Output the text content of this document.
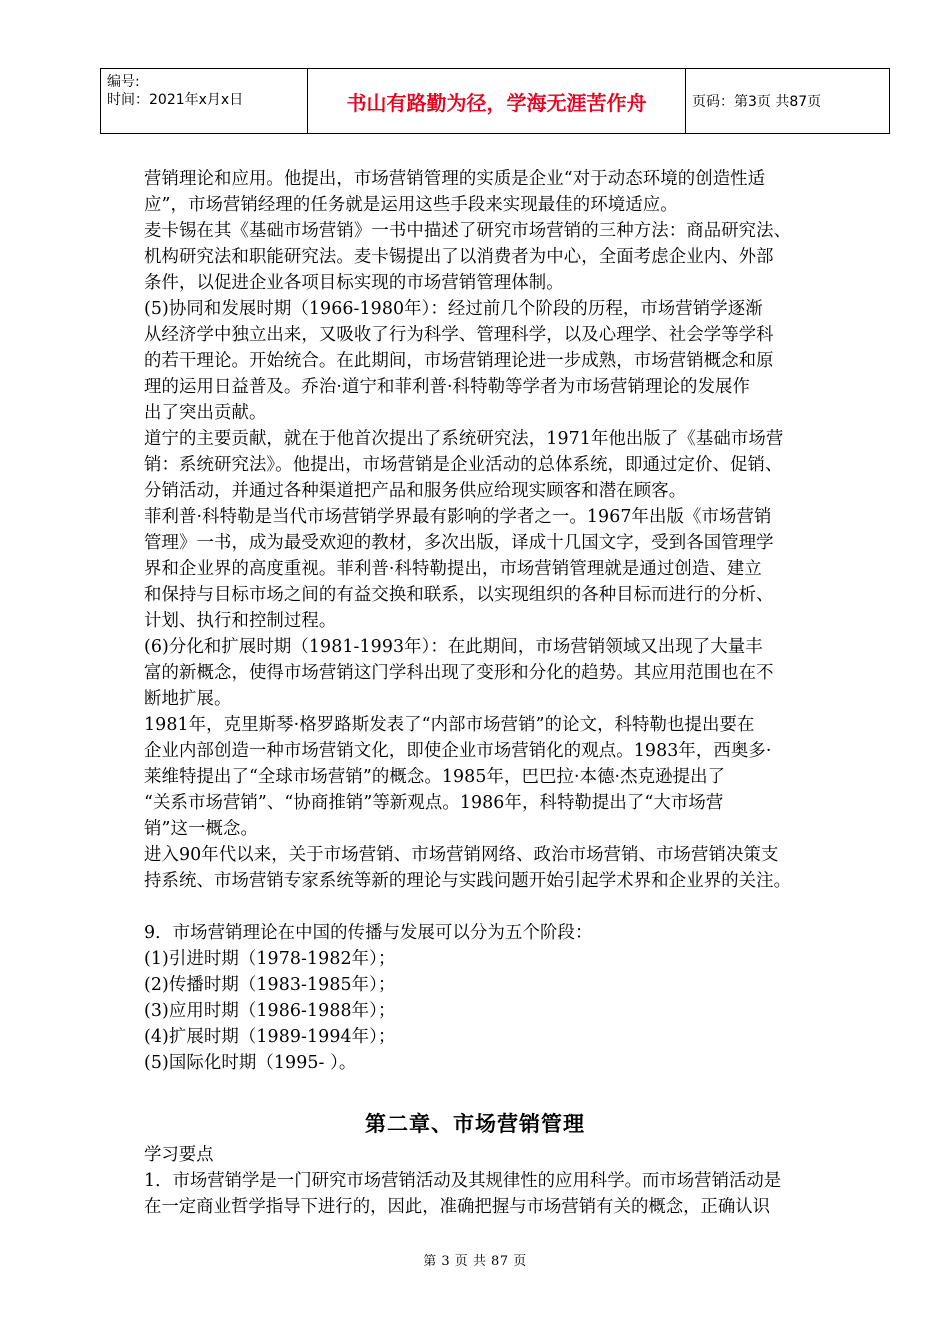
编号:
时间：2021年x月x日	书山有路勤为径，学海无涯苦作舟	页码：第3页 共87页

营销理论和应用。他提出，市场营销管理的实质是企业“对于动态环境的创造性适

应”，市场营销经理的任务就是运用这些手段来实现最佳的环境适应。

麦卡锡在其《基础市场营销》一书中描述了研究市场营销的三种方法：商品研究法、

机构研究法和职能研究法。麦卡锡提出了以消费者为中心，全面考虑企业内、外部

条件，以促进企业各项目标实现的市场营销管理体制。

(5)协同和发展时期（1966-1980年）：经过前几个阶段的历程，市场营销学逐渐

从经济学中独立出来，又吸收了行为科学、管理科学，以及心理学、社会学等学科

的若干理论。开始统合。在此期间，市场营销理论进一步成熟，市场营销概念和原

理的运用日益普及。乔治·道宁和菲利普·科特勒等学者为市场营销理论的发展作

出了突出贡献。

道宁的主要贡献，就在于他首次提出了系统研究法，1971年他出版了《基础市场营

销：系统研究法》。他提出，市场营销是企业活动的总体系统，即通过定价、促销、

分销活动，并通过各种渠道把产品和服务供应给现实顾客和潜在顾客。

菲利普·科特勒是当代市场营销学界最有影响的学者之一。1967年出版《市场营销

管理》一书，成为最受欢迎的教材，多次出版，译成十几国文字，受到各国管理学

界和企业界的高度重视。菲利普·科特勒提出，市场营销管理就是通过创造、建立

和保持与目标市场之间的有益交换和联系，以实现组织的各种目标而进行的分析、

计划、执行和控制过程。

(6)分化和扩展时期（1981-1993年）：在此期间，市场营销领域又出现了大量丰

富的新概念，使得市场营销这门学科出现了变形和分化的趋势。其应用范围也在不

断地扩展。

1981年，克里斯琴·格罗路斯发表了“内部市场营销”的论文，科特勒也提出要在

企业内部创造一种市场营销文化，即使企业市场营销化的观点。1983年，西奥多·

莱维特提出了“全球市场营销”的概念。1985年，巴巴拉·本德·杰克逊提出了

“关系市场营销”、“协商推销”等新观点。1986年，科特勒提出了“大市场营

销”这一概念。

进入90年代以来，关于市场营销、市场营销网络、政治市场营销、市场营销决策支

持系统、市场营销专家系统等新的理论与实践问题开始引起学术界和企业界的关注。

9．市场营销理论在中国的传播与发展可以分为五个阶段：

(1)引进时期（1978-1982年）；

(2)传播时期（1983-1985年）；

(3)应用时期（1986-1988年）；

(4)扩展时期（1989-1994年）；

(5)国际化时期（1995- ）。

第二章、市场营销管理

学习要点

1．市场营销学是一门研究市场营销活动及其规律性的应用科学。而市场营销活动是

在一定商业哲学指导下进行的，因此，准确把握与市场营销有关的概念，正确认识

第 3 页 共 87 页
